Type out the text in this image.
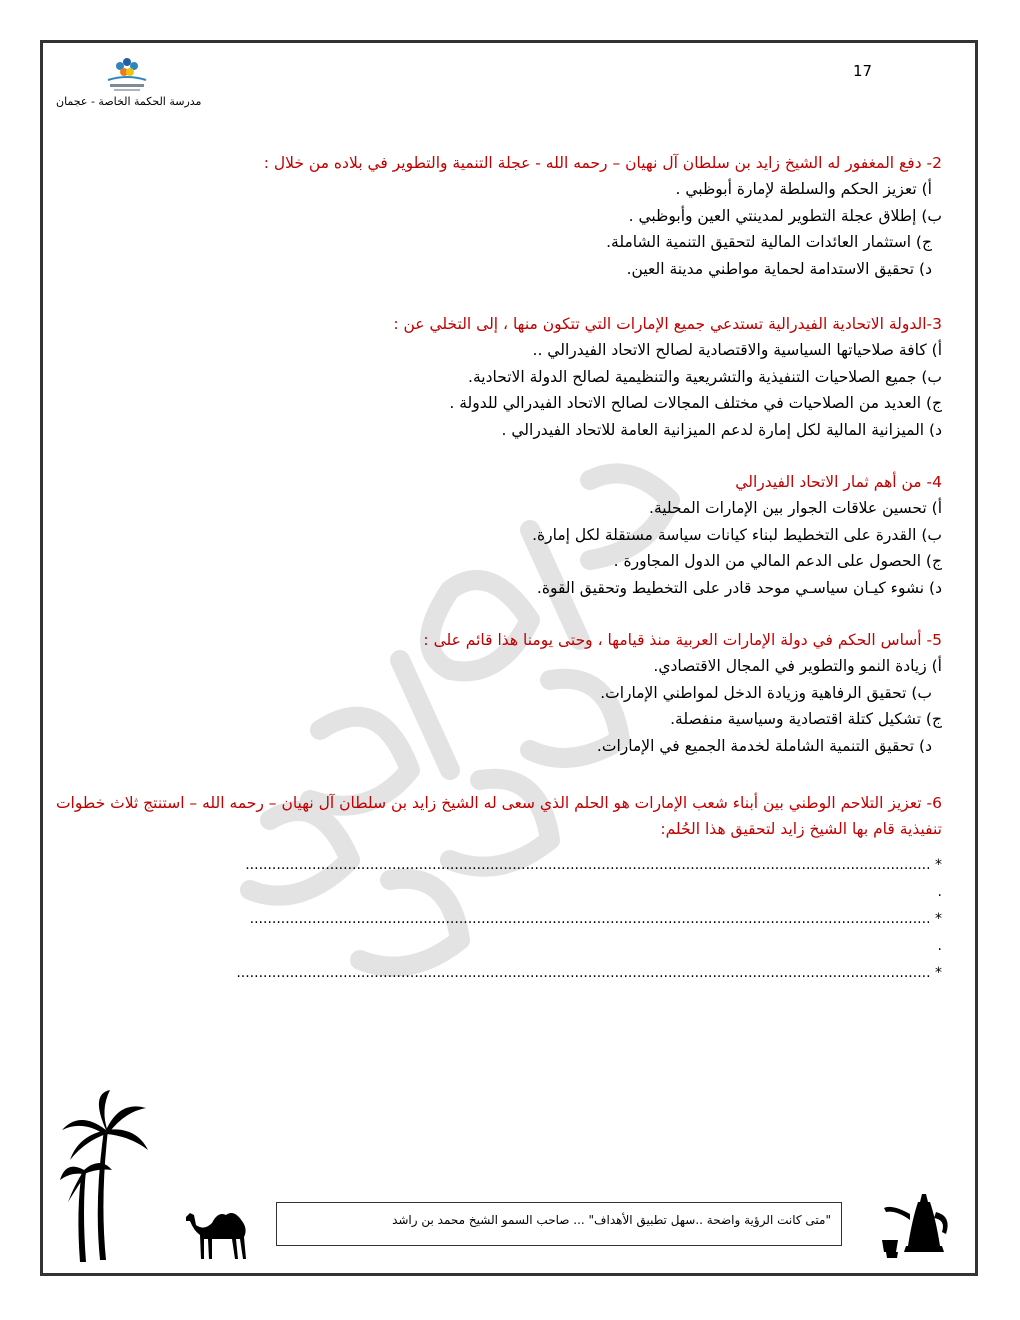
17
مدرسة الحكمة الخاصة - عجمان
2- دفع المغفور له الشيخ زايد بن سلطان آل نهيان – رحمه الله - عجلة التنمية والتطوير في بلاده من خلال :
أ) تعزيز الحكم والسلطة لإمارة أبوظبي .
ب) إطلاق عجلة التطوير لمدينتي العين وأبوظبي .
ج) استثمار العائدات المالية لتحقيق التنمية الشاملة.
د) تحقيق الاستدامة لحماية مواطني مدينة العين.
3-الدولة الاتحادية الفيدرالية تستدعي جميع الإمارات التي تتكون منها ، إلى التخلي عن :
أ) كافة صلاحياتها السياسية والاقتصادية لصالح الاتحاد الفيدرالي ..
ب) جميع الصلاحيات التنفيذية والتشريعية والتنظيمية لصالح الدولة الاتحادية.
ج) العديد من الصلاحيات في مختلف المجالات لصالح الاتحاد الفيدرالي للدولة .
د) الميزانية المالية لكل إمارة لدعم الميزانية العامة للاتحاد الفيدرالي .
4- من أهم ثمار الاتحاد الفيدرالي
أ) تحسين علاقات الجوار بين الإمارات المحلية.
ب) القدرة على التخطيط لبناء كيانات سياسة مستقلة لكل إمارة.
ج) الحصول على الدعم المالي من الدول المجاورة .
د) نشوء كيـان سياسـي موحد قادر على التخطيط وتحقيق القوة.
5- أساس الحكم في دولة الإمارات العربية منذ قيامها ، وحتى يومنا هذا قائم على :
أ) زيادة النمو والتطوير في المجال الاقتصادي.
ب) تحقيق الرفاهية وزيادة الدخل لمواطني الإمارات.
ج) تشكيل كتلة اقتصادية وسياسية منفصلة.
د) تحقيق التنمية الشاملة لخدمة الجميع في الإمارات.
6- تعزيز التلاحم الوطني بين أبناء شعب الإمارات هو الحلم الذي سعى له الشيخ زايد بن سلطان آل نهيان – رحمه الله – استنتج ثلاث خطوات تنفيذية قام بها الشيخ زايد لتحقيق هذا الحُلم:
* ..........................................................................................................................................................
.
* .........................................................................................................................................................
.
* ............................................................................................................................................................
"متى كانت الرؤية واضحة ..سهل تطبيق الأهداف" ... صاحب السمو الشيخ محمد بن راشد
